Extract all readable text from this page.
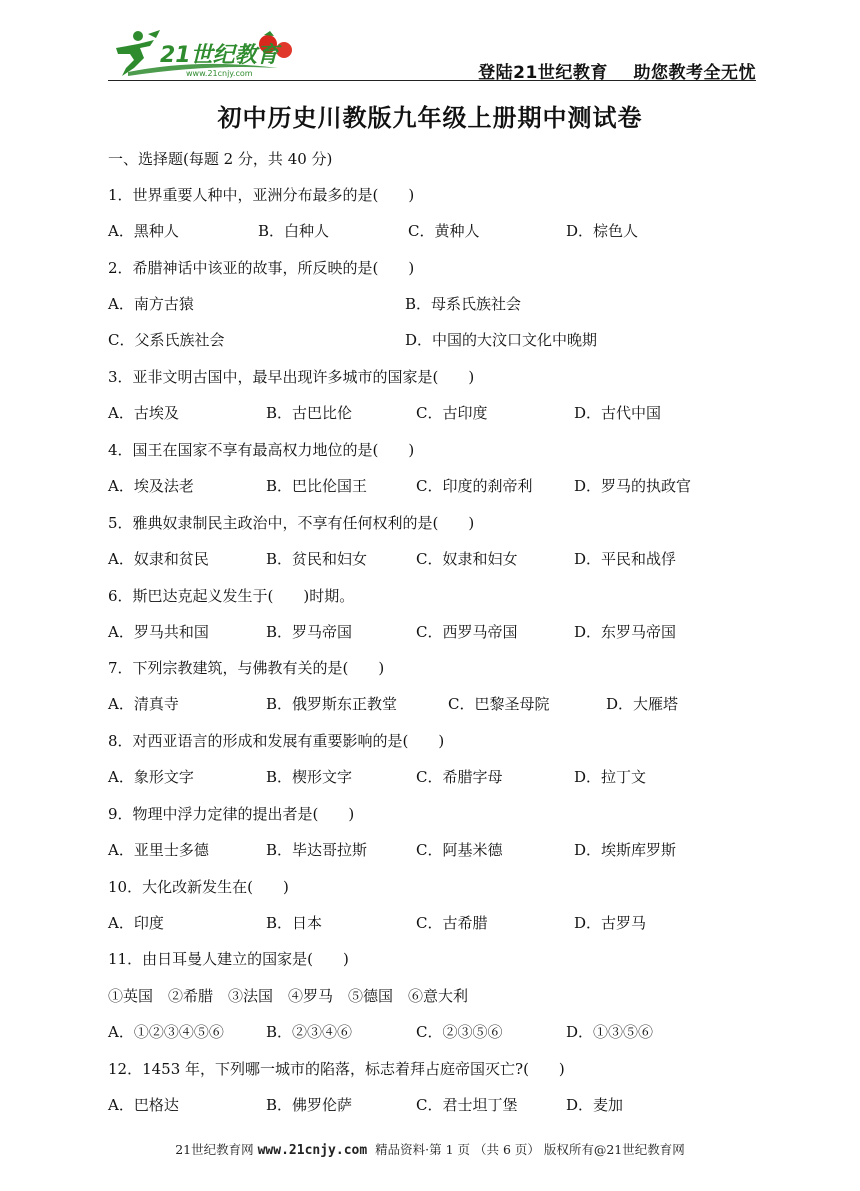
21世纪教育
www.21cnjy.com	登陆21世纪教育    助您教考全无忧
初中历史川教版九年级上册期中测试卷
一、选择题(每题 2 分，共 40 分)
1．世界重要人种中，亚洲分布最多的是(　　)
A．黑种人	B．白种人	C．黄种人	D．棕色人
2．希腊神话中该亚的故事，所反映的是(　　)
A．南方古猿	B．母系氏族社会
C．父系氏族社会	D．中国的大汶口文化中晚期
3．亚非文明古国中，最早出现许多城市的国家是(　　)
A．古埃及	B．古巴比伦	C．古印度	D．古代中国
4．国王在国家不享有最高权力地位的是(　　)
A．埃及法老	B．巴比伦国王	C．印度的刹帝利	D．罗马的执政官
5．雅典奴隶制民主政治中，不享有任何权利的是(　　)
A．奴隶和贫民	B．贫民和妇女	C．奴隶和妇女	D．平民和战俘
6．斯巴达克起义发生于(　　)时期。
A．罗马共和国	B．罗马帝国	C．西罗马帝国	D．东罗马帝国
7．下列宗教建筑，与佛教有关的是(　　)
A．清真寺	B．俄罗斯东正教堂	C．巴黎圣母院	D．大雁塔
8．对西亚语言的形成和发展有重要影响的是(　　)
A．象形文字	B．楔形文字	C．希腊字母	D．拉丁文
9．物理中浮力定律的提出者是(　　)
A．亚里士多德	B．毕达哥拉斯	C．阿基米德	D．埃斯库罗斯
10．大化改新发生在(　　)
A．印度	B．日本	C．古希腊	D．古罗马
11．由日耳曼人建立的国家是(　　)
①英国　②希腊　③法国　④罗马　⑤德国　⑥意大利
A．①②③④⑤⑥	B．②③④⑥	C．②③⑤⑥	D．①③⑤⑥
12．1453 年，下列哪一城市的陷落，标志着拜占庭帝国灭亡?(　　)
A．巴格达	B．佛罗伦萨	C．君士坦丁堡	D．麦加
21世纪教育网 www.21cnjy.com  精品资料·第 1 页 （共 6 页） 版权所有@21世纪教育网
